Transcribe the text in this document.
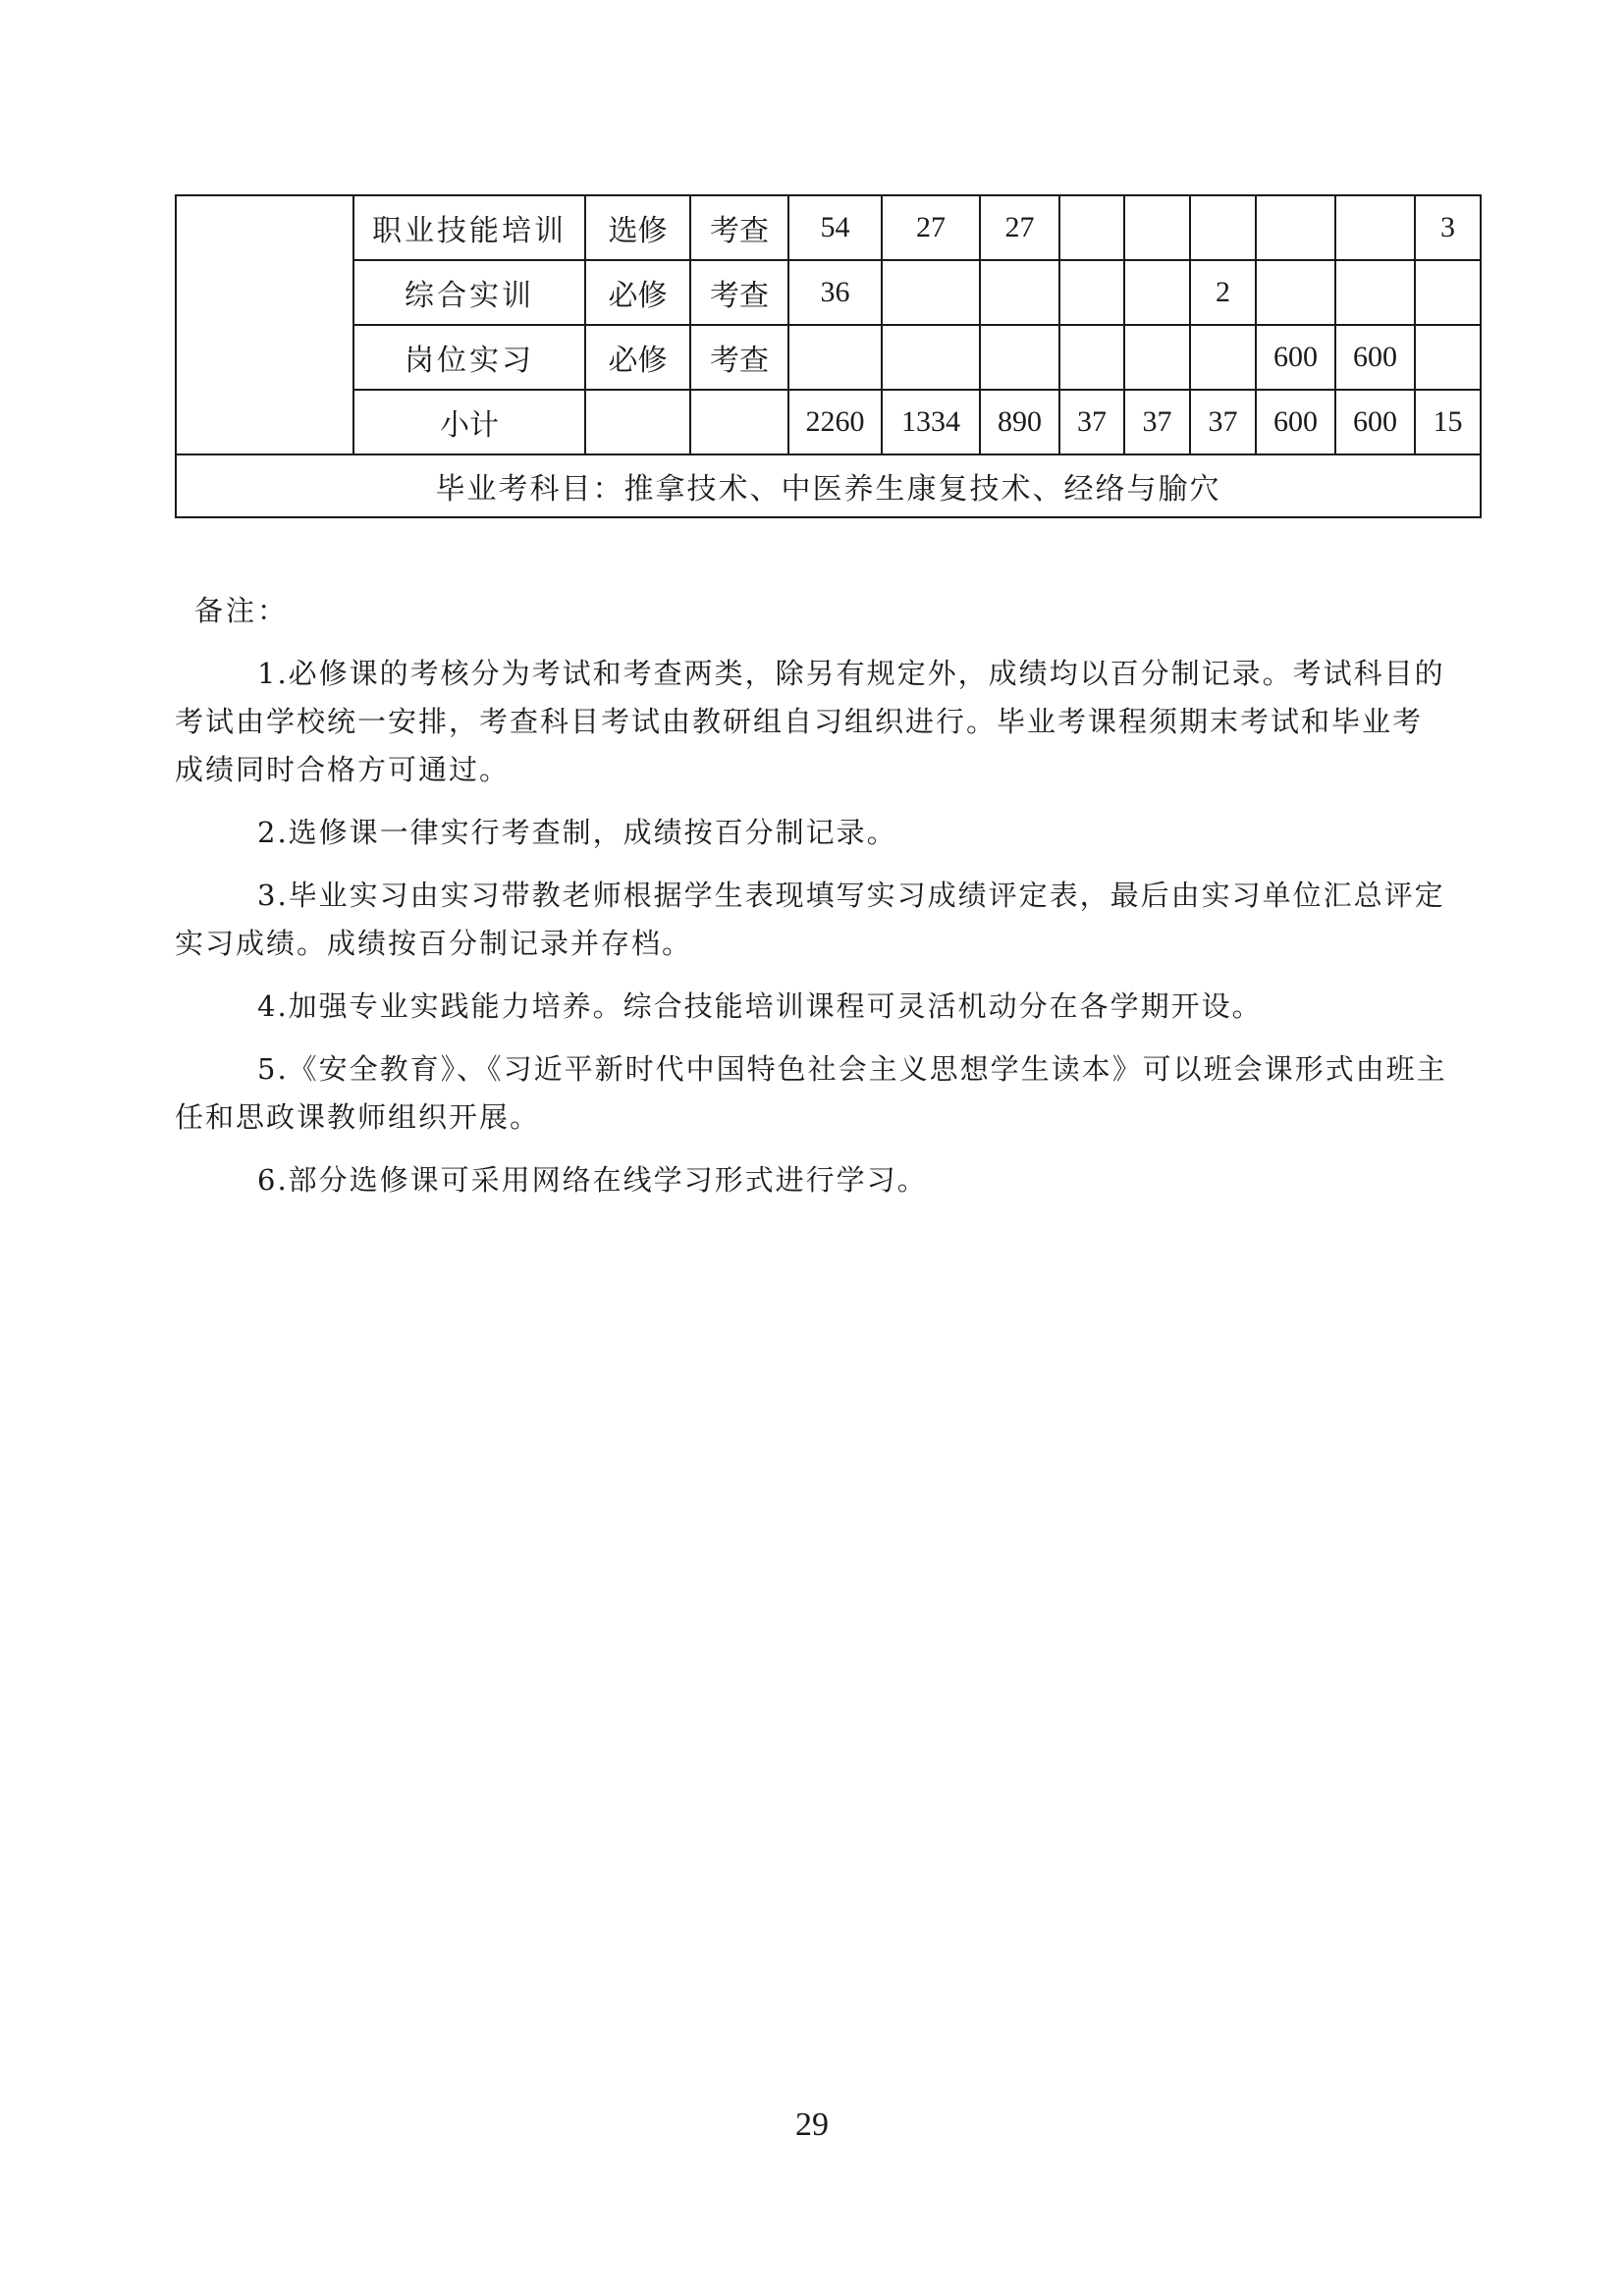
	职业技能培训	选修	考查	54	27	27						3
	综合实训	必修	考查	36					2			
	岗位实习	必修	考查							600	600	
	小计			2260	1334	890	37	37	37	600	600	15
毕业考科目：推拿技术、中医养生康复技术、经络与腧穴												
备注：

1.必修课的考核分为考试和考查两类，除另有规定外，成绩均以百分制记录。考试科目的考试由学校统一安排，考查科目考试由教研组自习组织进行。毕业考课程须期末考试和毕业考成绩同时合格方可通过。

2.选修课一律实行考查制，成绩按百分制记录。

3.毕业实习由实习带教老师根据学生表现填写实习成绩评定表，最后由实习单位汇总评定实习成绩。成绩按百分制记录并存档。

4.加强专业实践能力培养。综合技能培训课程可灵活机动分在各学期开设。

5.《安全教育》、《习近平新时代中国特色社会主义思想学生读本》可以班会课形式由班主任和思政课教师组织开展。

6.部分选修课可采用网络在线学习形式进行学习。

29
